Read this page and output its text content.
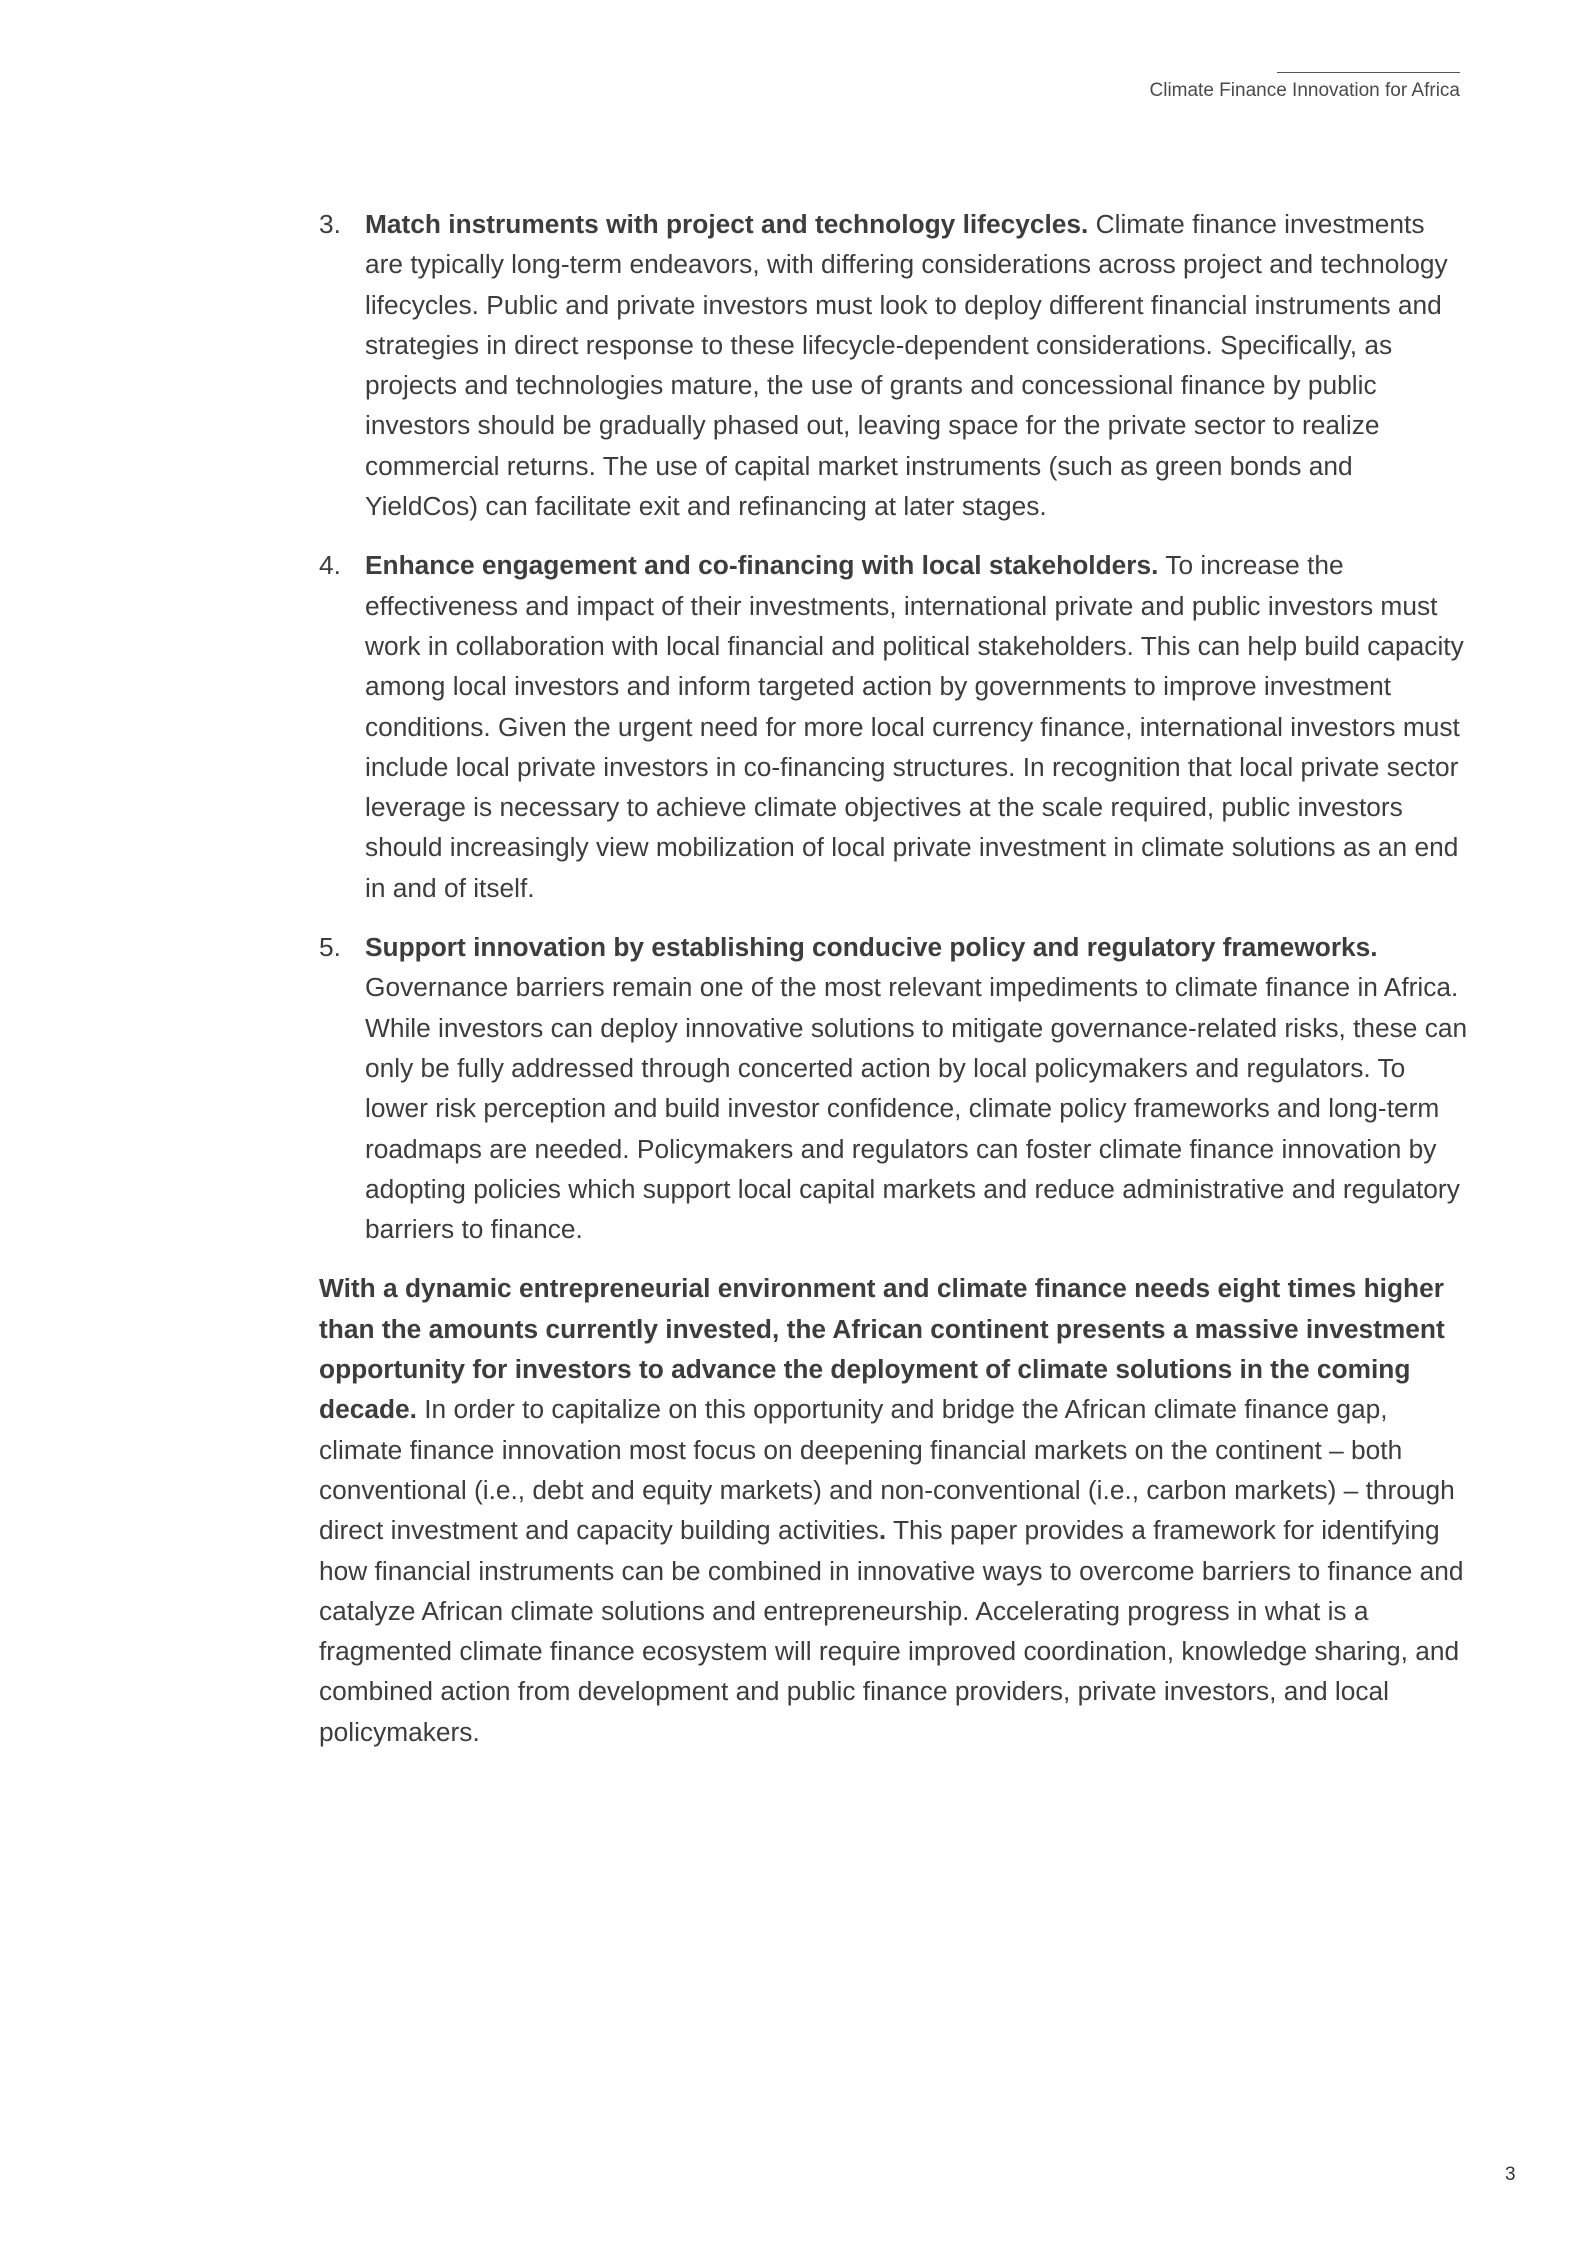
Climate Finance Innovation for Africa
3. Match instruments with project and technology lifecycles. Climate finance investments are typically long-term endeavors, with differing considerations across project and technology lifecycles. Public and private investors must look to deploy different financial instruments and strategies in direct response to these lifecycle-dependent considerations. Specifically, as projects and technologies mature, the use of grants and concessional finance by public investors should be gradually phased out, leaving space for the private sector to realize commercial returns. The use of capital market instruments (such as green bonds and YieldCos) can facilitate exit and refinancing at later stages.
4. Enhance engagement and co-financing with local stakeholders. To increase the effectiveness and impact of their investments, international private and public investors must work in collaboration with local financial and political stakeholders. This can help build capacity among local investors and inform targeted action by governments to improve investment conditions. Given the urgent need for more local currency finance, international investors must include local private investors in co-financing structures. In recognition that local private sector leverage is necessary to achieve climate objectives at the scale required, public investors should increasingly view mobilization of local private investment in climate solutions as an end in and of itself.
5. Support innovation by establishing conducive policy and regulatory frameworks. Governance barriers remain one of the most relevant impediments to climate finance in Africa. While investors can deploy innovative solutions to mitigate governance-related risks, these can only be fully addressed through concerted action by local policymakers and regulators. To lower risk perception and build investor confidence, climate policy frameworks and long-term roadmaps are needed. Policymakers and regulators can foster climate finance innovation by adopting policies which support local capital markets and reduce administrative and regulatory barriers to finance.

With a dynamic entrepreneurial environment and climate finance needs eight times higher than the amounts currently invested, the African continent presents a massive investment opportunity for investors to advance the deployment of climate solutions in the coming decade. In order to capitalize on this opportunity and bridge the African climate finance gap, climate finance innovation most focus on deepening financial markets on the continent – both conventional (i.e., debt and equity markets) and non-conventional (i.e., carbon markets) – through direct investment and capacity building activities. This paper provides a framework for identifying how financial instruments can be combined in innovative ways to overcome barriers to finance and catalyze African climate solutions and entrepreneurship. Accelerating progress in what is a fragmented climate finance ecosystem will require improved coordination, knowledge sharing, and combined action from development and public finance providers, private investors, and local policymakers.

3
